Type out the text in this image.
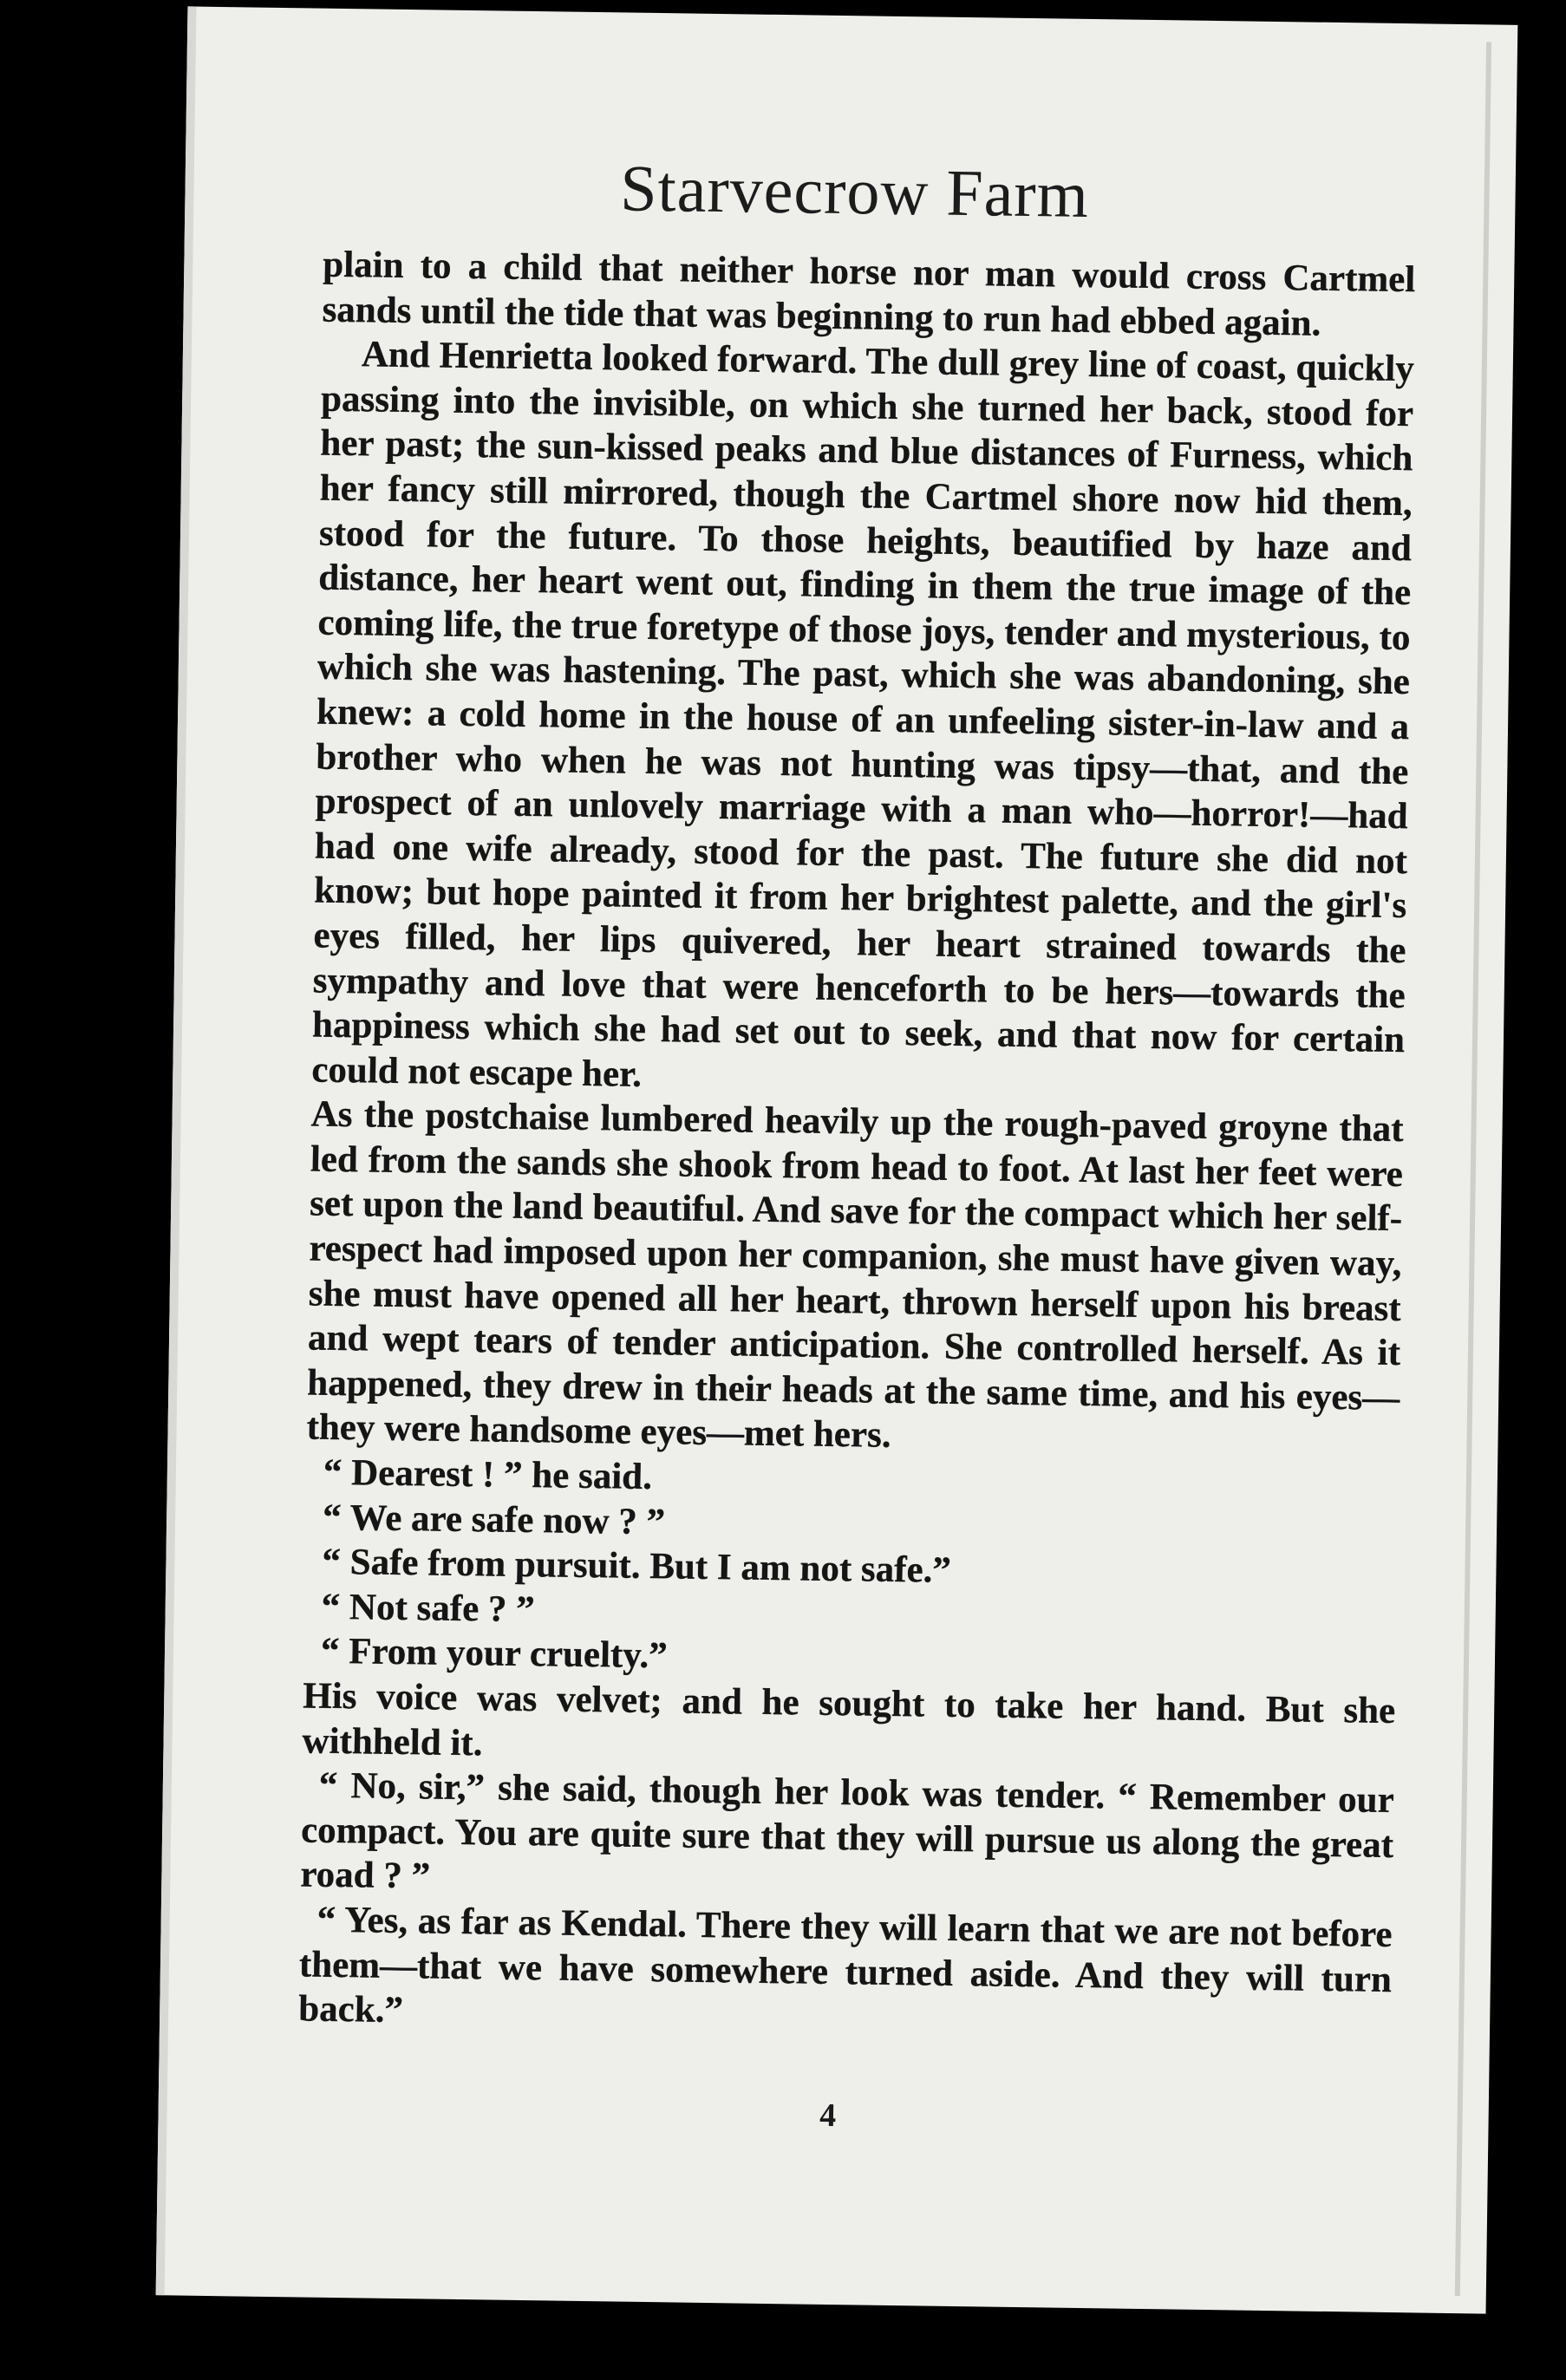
Starvecrow Farm

plain to a child that neither horse nor man would cross Cartmel sands until the tide that was beginning to run had ebbed again.

And Henrietta looked forward. The dull grey line of coast, quickly passing into the invisible, on which she turned her back, stood for her past; the sun-kissed peaks and blue distances of Furness, which her fancy still mirrored, though the Cartmel shore now hid them, stood for the future. To those heights, beautified by haze and distance, her heart went out, finding in them the true image of the coming life, the true foretype of those joys, tender and mysterious, to which she was hastening. The past, which she was abandoning, she knew: a cold home in the house of an unfeeling sister-in-law and a brother who when he was not hunting was tipsy—that, and the prospect of an unlovely marriage with a man who—horror!—had had one wife already, stood for the past. The future she did not know; but hope painted it from her brightest palette, and the girl's eyes filled, her lips quivered, her heart strained towards the sympathy and love that were henceforth to be hers—towards the happiness which she had set out to seek, and that now for certain could not escape her.

As the postchaise lumbered heavily up the rough-paved groyne that led from the sands she shook from head to foot. At last her feet were set upon the land beautiful. And save for the compact which her self-respect had imposed upon her companion, she must have given way, she must have opened all her heart, thrown herself upon his breast and wept tears of tender anticipation. She controlled herself. As it happened, they drew in their heads at the same time, and his eyes—they were handsome eyes—met hers.

“ Dearest ! ” he said.

“ We are safe now ? ”

“ Safe from pursuit. But I am not safe.”

“ Not safe ? ”

“ From your cruelty.”

His voice was velvet; and he sought to take her hand. But she withheld it.

“ No, sir,” she said, though her look was tender. “ Remember our compact. You are quite sure that they will pursue us along the great road ? ”

“ Yes, as far as Kendal. There they will learn that we are not before them—that we have somewhere turned aside. And they will turn back.”

4
